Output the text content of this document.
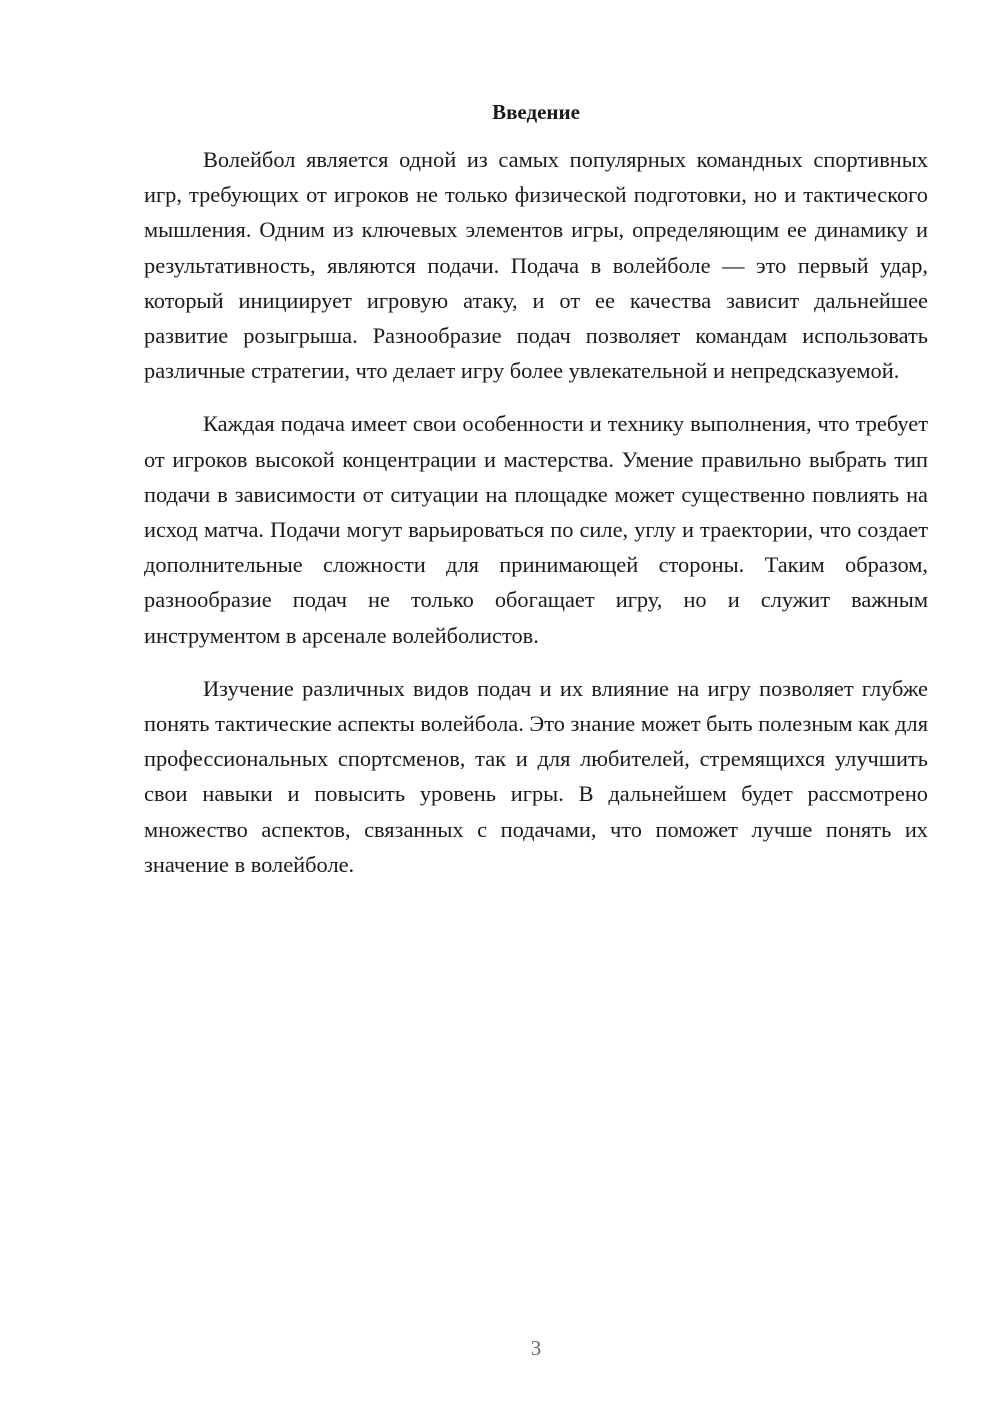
Введение

Волейбол является одной из самых популярных командных спортивных игр, требующих от игроков не только физической подготовки, но и тактического мышления. Одним из ключевых элементов игры, определяющим ее динамику и результативность, являются подачи. Подача в волейболе — это первый удар, который инициирует игровую атаку, и от ее качества зависит дальнейшее развитие розыгрыша. Разнообразие подач позволяет командам использовать различные стратегии, что делает игру более увлекательной и непредсказуемой.

Каждая подача имеет свои особенности и технику выполнения, что требует от игроков высокой концентрации и мастерства. Умение правильно выбрать тип подачи в зависимости от ситуации на площадке может существенно повлиять на исход матча. Подачи могут варьироваться по силе, углу и траектории, что создает дополнительные сложности для принимающей стороны. Таким образом, разнообразие подач не только обогащает игру, но и служит важным инструментом в арсенале волейболистов.

Изучение различных видов подач и их влияние на игру позволяет глубже понять тактические аспекты волейбола. Это знание может быть полезным как для профессиональных спортсменов, так и для любителей, стремящихся улучшить свои навыки и повысить уровень игры. В дальнейшем будет рассмотрено множество аспектов, связанных с подачами, что поможет лучше понять их значение в волейболе.

3
